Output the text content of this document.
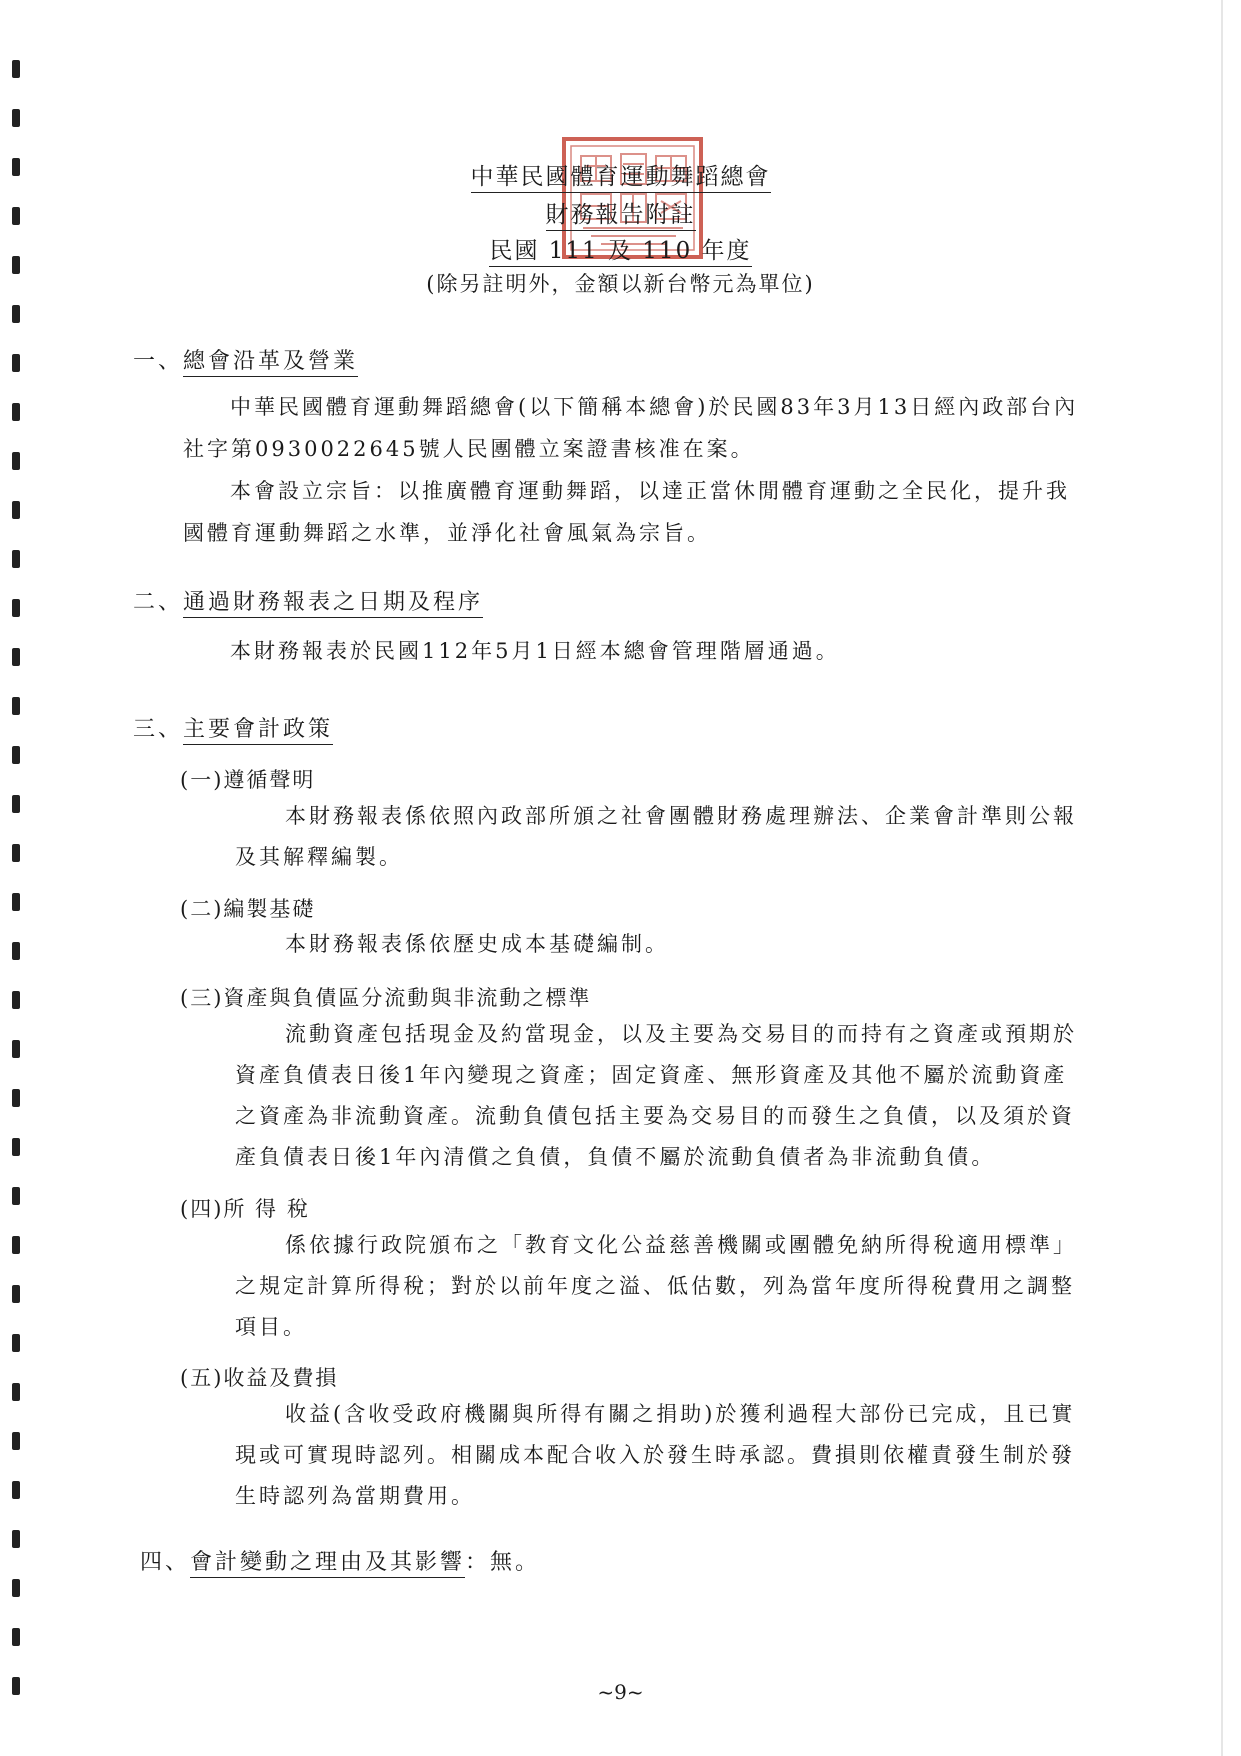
中華民國體育運動舞蹈總會
財務報告附註
民國 111 及 110 年度
(除另註明外，金額以新台幣元為單位)
一、總會沿革及營業
中華民國體育運動舞蹈總會(以下簡稱本總會)於民國83年3月13日經內政部台內
社字第0930022645號人民團體立案證書核准在案。
本會設立宗旨：以推廣體育運動舞蹈，以達正當休閒體育運動之全民化，提升我
國體育運動舞蹈之水準，並淨化社會風氣為宗旨。
二、通過財務報表之日期及程序
本財務報表於民國112年5月1日經本總會管理階層通過。
三、主要會計政策
(一)遵循聲明
本財務報表係依照內政部所頒之社會團體財務處理辦法、企業會計準則公報
及其解釋編製。
(二)編製基礎
本財務報表係依歷史成本基礎編制。
(三)資產與負債區分流動與非流動之標準
流動資產包括現金及約當現金，以及主要為交易目的而持有之資產或預期於
資產負債表日後1年內變現之資產；固定資產、無形資產及其他不屬於流動資產
之資產為非流動資產。流動負債包括主要為交易目的而發生之負債，以及須於資
產負債表日後1年內清償之負債，負債不屬於流動負債者為非流動負債。
(四)所 得 稅
係依據行政院頒布之「教育文化公益慈善機關或團體免納所得稅適用標準」
之規定計算所得稅；對於以前年度之溢、低估數，列為當年度所得稅費用之調整
項目。
(五)收益及費損
收益(含收受政府機關與所得有關之捐助)於獲利過程大部份已完成，且已實
現或可實現時認列。相關成本配合收入於發生時承認。費損則依權責發生制於發
生時認列為當期費用。
四、會計變動之理由及其影響：無。
~9~
